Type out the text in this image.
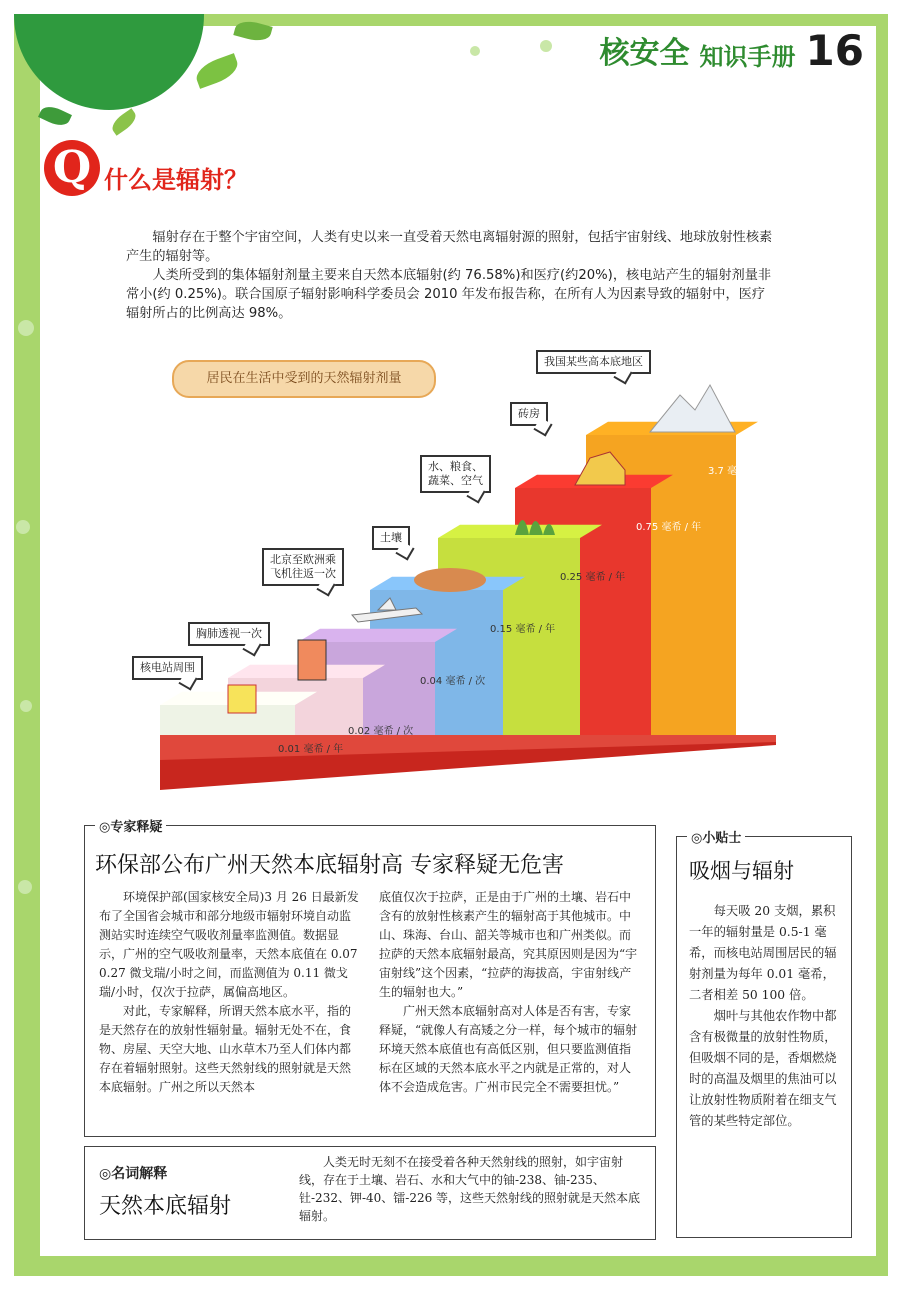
核安全 知识手册 16
Q 什么是辐射？

辐射存在于整个宇宙空间，人类有史以来一直受着天然电离辐射源的照射，包括宇宙射线、地球放射性核素产生的辐射等。

人类所受到的集体辐射剂量主要来自天然本底辐射(约 76.58%)和医疗(约20%)，核电站产生的辐射剂量非常小(约 0.25%)。联合国原子辐射影响科学委员会 2010 年发布报告称，在所有人为因素导致的辐射中，医疗辐射所占的比例高达 98%。

居民在生活中受到的天然辐射剂量
0.01 毫希 / 年
0.02 毫希 / 次
0.04 毫希 / 次
0.15 毫希 / 年
0.25 毫希 / 年
0.75 毫希 / 年
3.7 毫希 / 年
核电站周围
胸肺透视一次
北京至欧洲乘
飞机往返一次
土壤
水、粮食、
蔬菜、空气
砖房
我国某些高本底地区
◎专家释疑
环保部公布广州天然本底辐射高 专家释疑无危害

环境保护部(国家核安全局)3 月 26 日最新发布了全国省会城市和部分地级市辐射环境自动监测站实时连续空气吸收剂量率监测值。数据显示，广州的空气吸收剂量率，天然本底值在 0.07 0.27 微戈瑞/小时之间，而监测值为 0.11 微戈瑞/小时，仅次于拉萨，属偏高地区。

对此，专家解释，所谓天然本底水平，指的是天然存在的放射性辐射量。辐射无处不在，食物、房屋、天空大地、山水草木乃至人们体内都存在着辐射照射。这些天然射线的照射就是天然本底辐射。广州之所以天然本

底值仅次于拉萨，正是由于广州的土壤、岩石中含有的放射性核素产生的辐射高于其他城市。中山、珠海、台山、韶关等城市也和广州类似。而拉萨的天然本底辐射最高，究其原因则是因为“宇宙射线”这个因素，“拉萨的海拔高，宇宙射线产生的辐射也大。”

广州天然本底辐射高对人体是否有害，专家释疑，“就像人有高矮之分一样，每个城市的辐射环境天然本底值也有高低区别，但只要监测值指标在区域的天然本底水平之内就是正常的，对人体不会造成危害。广州市民完全不需要担忧。”

◎小贴士
吸烟与辐射

每天吸 20 支烟，累积一年的辐射量是 0.5-1 毫希，而核电站周围居民的辐射剂量为每年 0.01 毫希，二者相差 50 100 倍。

烟叶与其他农作物中都含有极微量的放射性物质，但吸烟不同的是，香烟燃烧时的高温及烟里的焦油可以让放射性物质附着在细支气管的某些特定部位。

◎名词解释
天然本底辐射

人类无时无刻不在接受着各种天然射线的照射，如宇宙射线，存在于土壤、岩石、水和大气中的铀-238、铀-235、钍-232、钾-40、镭-226 等，这些天然射线的照射就是天然本底辐射。
